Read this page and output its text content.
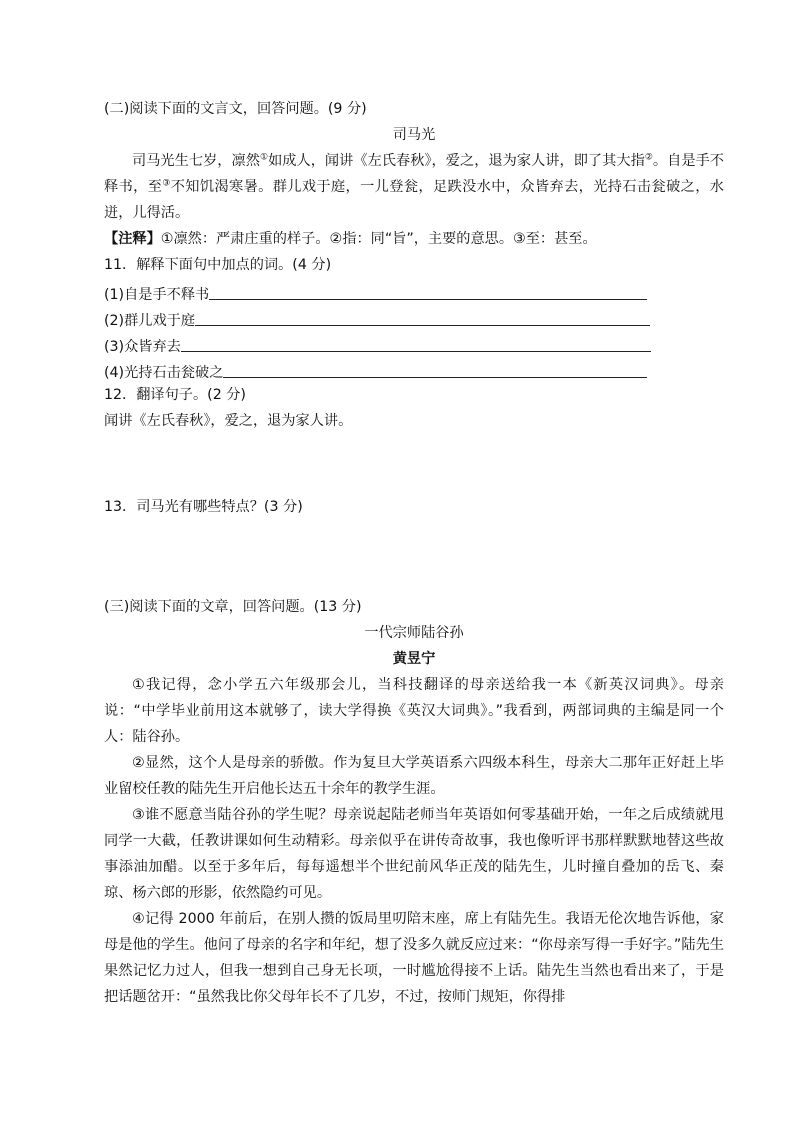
(二)阅读下面的文言文，回答问题。(9 分)
司马光

司马光生七岁，凛然①如成人，闻讲《左氏春秋》，爱之，退为家人讲，即了其大指②。自是手不释书，至③不知饥渴寒暑。群儿戏于庭，一儿登瓮，足跌没水中，众皆弃去，光持石击瓮破之，水迸，儿得活。

【注释】①凛然：严肃庄重的样子。②指：同“旨”，主要的意思。③至：甚至。
11．解释下面句中加点的词。(4 分)
(1)自是手不释书
(2)群儿戏于庭
(3)众皆弃去
(4)光持石击瓮破之
12．翻译句子。(2 分)
闻讲《左氏春秋》，爱之，退为家人讲。
13．司马光有哪些特点？(3 分)
(三)阅读下面的文章，回答问题。(13 分)
一代宗师陆谷孙
黄昱宁

①我记得，念小学五六年级那会儿，当科技翻译的母亲送给我一本《新英汉词典》。母亲说：“中学毕业前用这本就够了，读大学得换《英汉大词典》。”我看到，两部词典的主编是同一个人：陆谷孙。

②显然，这个人是母亲的骄傲。作为复旦大学英语系六四级本科生，母亲大二那年正好赶上毕业留校任教的陆先生开启他长达五十余年的教学生涯。

③谁不愿意当陆谷孙的学生呢？母亲说起陆老师当年英语如何零基础开始，一年之后成绩就甩同学一大截，任教讲课如何生动精彩。母亲似乎在讲传奇故事，我也像听评书那样默默地替这些故事添油加醋。以至于多年后，每每遥想半个世纪前风华正茂的陆先生，儿时撞自叠加的岳飞、秦琼、杨六郎的形影，依然隐约可见。

④记得 2000 年前后，在别人攒的饭局里叨陪末座，席上有陆先生。我语无伦次地告诉他，家母是他的学生。他问了母亲的名字和年纪，想了没多久就反应过来：“你母亲写得一手好字。”陆先生果然记忆力过人，但我一想到自己身无长项，一时尴尬得接不上话。陆先生当然也看出来了，于是把话题岔开：“虽然我比你父母年长不了几岁，不过，按师门规矩，你得排
